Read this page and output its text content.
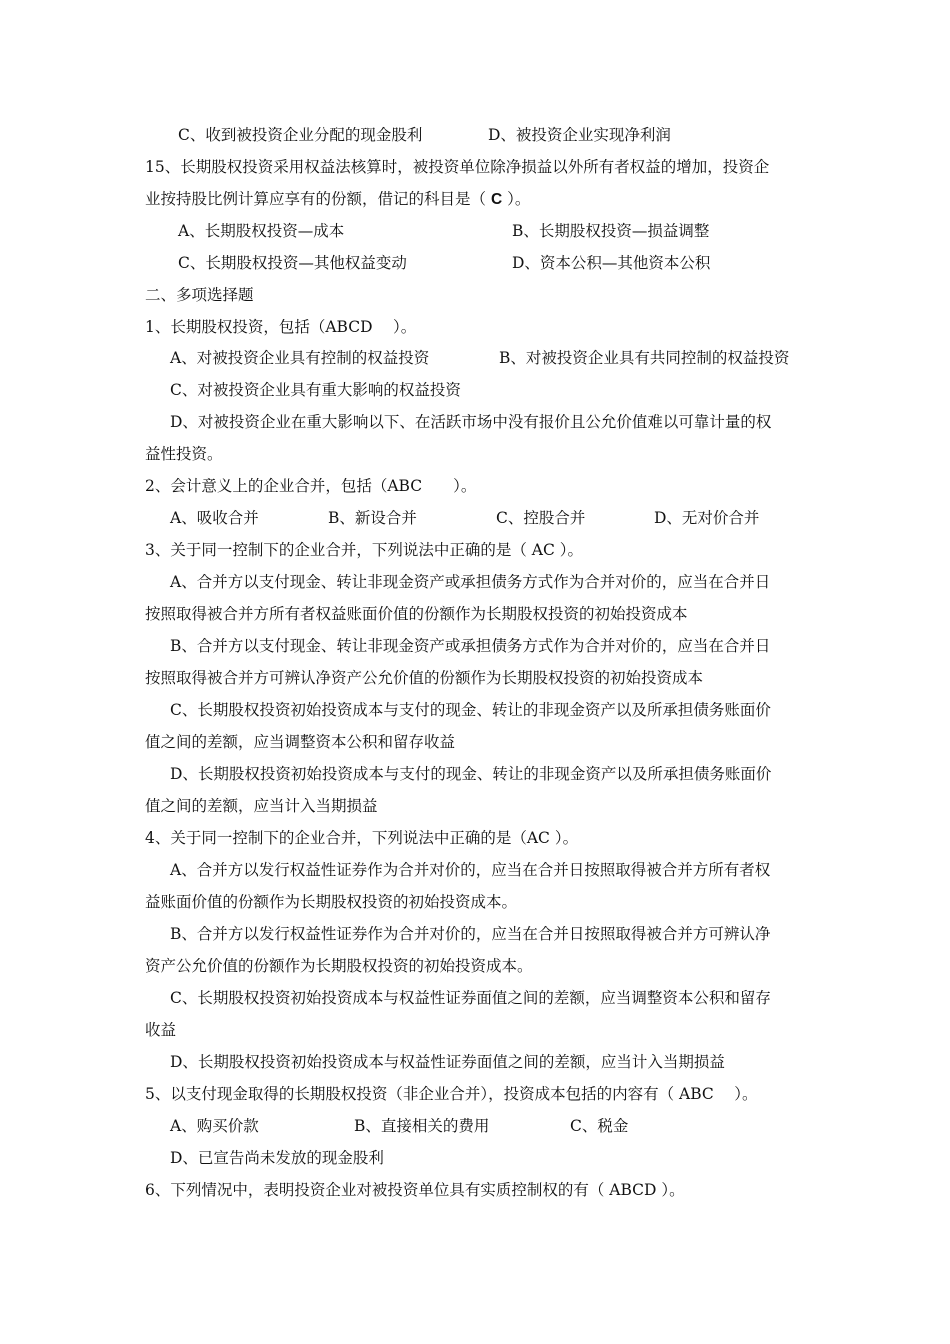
C、收到被投资企业分配的现金股利	D、被投资企业实现净利润
15、长期股权投资采用权益法核算时，被投资单位除净损益以外所有者权益的增加，投资企
业按持股比例计算应享有的份额，借记的科目是（ C ）。
A、长期股权投资—成本	B、长期股权投资—损益调整
C、长期股权投资—其他权益变动	D、资本公积—其他资本公积
二、多项选择题
1、长期股权投资，包括（ABCD　 ）。
A、对被投资企业具有控制的权益投资	B、对被投资企业具有共同控制的权益投资
C、对被投资企业具有重大影响的权益投资
D、对被投资企业在重大影响以下、在活跃市场中没有报价且公允价值难以可靠计量的权
益性投资。
2、会计意义上的企业合并，包括（ABC　　）。
A、吸收合并	B、新设合并	C、控股合并	D、无对价合并
3、关于同一控制下的企业合并，下列说法中正确的是（ AC ）。
A、合并方以支付现金、转让非现金资产或承担债务方式作为合并对价的，应当在合并日
按照取得被合并方所有者权益账面价值的份额作为长期股权投资的初始投资成本
B、合并方以支付现金、转让非现金资产或承担债务方式作为合并对价的，应当在合并日
按照取得被合并方可辨认净资产公允价值的份额作为长期股权投资的初始投资成本
C、长期股权投资初始投资成本与支付的现金、转让的非现金资产以及所承担债务账面价
值之间的差额，应当调整资本公积和留存收益
D、长期股权投资初始投资成本与支付的现金、转让的非现金资产以及所承担债务账面价
值之间的差额，应当计入当期损益
4、关于同一控制下的企业合并，下列说法中正确的是（AC ）。
A、合并方以发行权益性证券作为合并对价的，应当在合并日按照取得被合并方所有者权
益账面价值的份额作为长期股权投资的初始投资成本。
B、合并方以发行权益性证券作为合并对价的，应当在合并日按照取得被合并方可辨认净
资产公允价值的份额作为长期股权投资的初始投资成本。
C、长期股权投资初始投资成本与权益性证券面值之间的差额，应当调整资本公积和留存
收益
D、长期股权投资初始投资成本与权益性证券面值之间的差额，应当计入当期损益
5、以支付现金取得的长期股权投资（非企业合并），投资成本包括的内容有（ ABC　 ）。
A、购买价款	B、直接相关的费用	C、税金
D、已宣告尚未发放的现金股利
6、下列情况中，表明投资企业对被投资单位具有实质控制权的有（ ABCD ）。
